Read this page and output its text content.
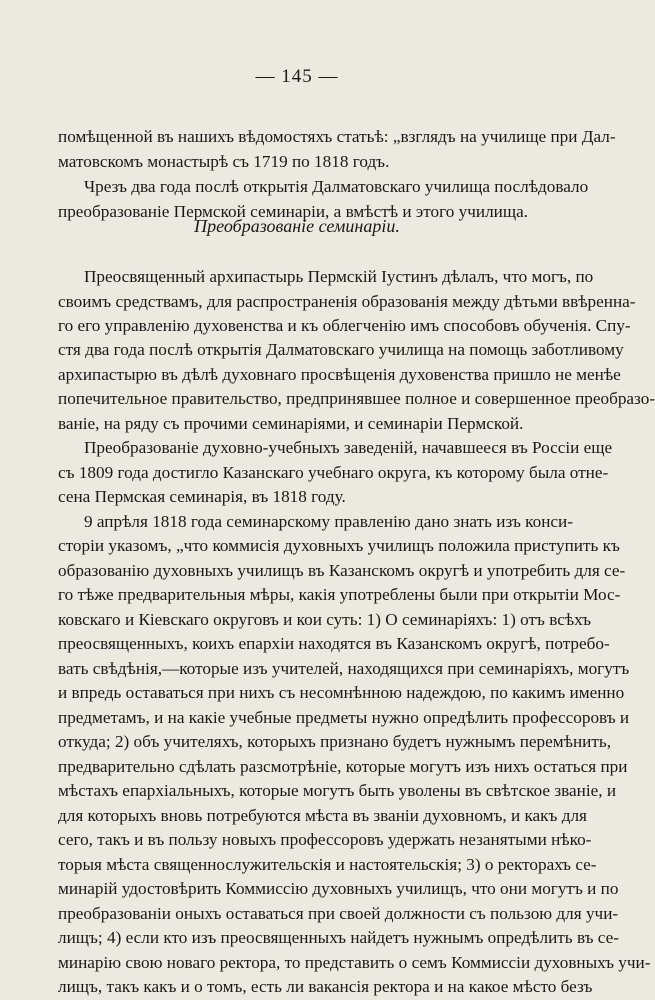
— 145 —
помѣщенной въ нашихъ вѣдомостяхъ статьѣ: „взглядъ на училище при Дал-
матовскомъ монастырѣ съ 1719 по 1818 годъ.
Чрезъ два года послѣ открытія Далматовскаго училища послѣдовало
преобразованіе Пермской семинаріи, а вмѣстѣ и этого училища.
Преобразованіе семинаріи.
Преосвященный архипастырь Пермскій Іустинъ дѣлалъ, что могъ, по
своимъ средствамъ, для распространенія образованія между дѣтьми ввѣренна-
го его управленію духовенства и къ облегченію имъ способовъ обученія. Спу-
стя два года послѣ открытія Далматовскаго училища на помощь заботливому
архипастырю въ дѣлѣ духовнаго просвѣщенія духовенства пришло не менѣе
попечительное правительство, предпринявшее полное и совершенное преобразо-
ваніе, на ряду съ прочими семинаріями, и семинаріи Пермской.
Преобразованіе духовно-учебныхъ заведеній, начавшееся въ Россіи еще
съ 1809 года достигло Казанскаго учебнаго округа, къ которому была отне-
сена Пермская семинарія, въ 1818 году.
9 апрѣля 1818 года семинарскому правленію дано знать изъ конси-
сторіи указомъ, „что коммисія духовныхъ училищъ положила приступить къ
образованію духовныхъ училищъ въ Казанскомъ округѣ и употребить для се-
го тѣже предварительныя мѣры, какія употреблены были при открытіи Мос-
ковскаго и Кіевскаго округовъ и кои суть: 1) О семинаріяхъ: 1) отъ всѣхъ
преосвященныхъ, коихъ епархіи находятся въ Казанскомъ округѣ, потребо-
вать свѣдѣнія,—которые изъ учителей, находящихся при семинаріяхъ, могутъ
и впредь оставаться при нихъ съ несомнѣнною надеждою, по какимъ именно
предметамъ, и на какіе учебные предметы нужно опредѣлить профессоровъ и
откуда; 2) объ учителяхъ, которыхъ признано будетъ нужнымъ перемѣнить,
предварительно сдѣлать разсмотрѣніе, которые могутъ изъ нихъ остаться при
мѣстахъ епархіальныхъ, которые могутъ быть уволены въ свѣтское званіе, и
для которыхъ вновь потребуются мѣста въ званіи духовномъ, и какъ для
сего, такъ и въ пользу новыхъ профессоровъ удержать незанятыми нѣко-
торыя мѣста священнослужительскія и настоятельскія; 3) о ректорахъ се-
минарій удостовѣрить Коммиссію духовныхъ училищъ, что они могутъ и по
преобразованіи оныхъ оставаться при своей должности съ пользою для учи-
лищъ; 4) если кто изъ преосвященныхъ найдетъ нужнымъ опредѣлить въ се-
минарію свою новаго ректора, то представить о семъ Коммиссіи духовныхъ учи-
лищъ, такъ какъ и о томъ, есть ли вакансія ректора и на какое мѣсто безъ
